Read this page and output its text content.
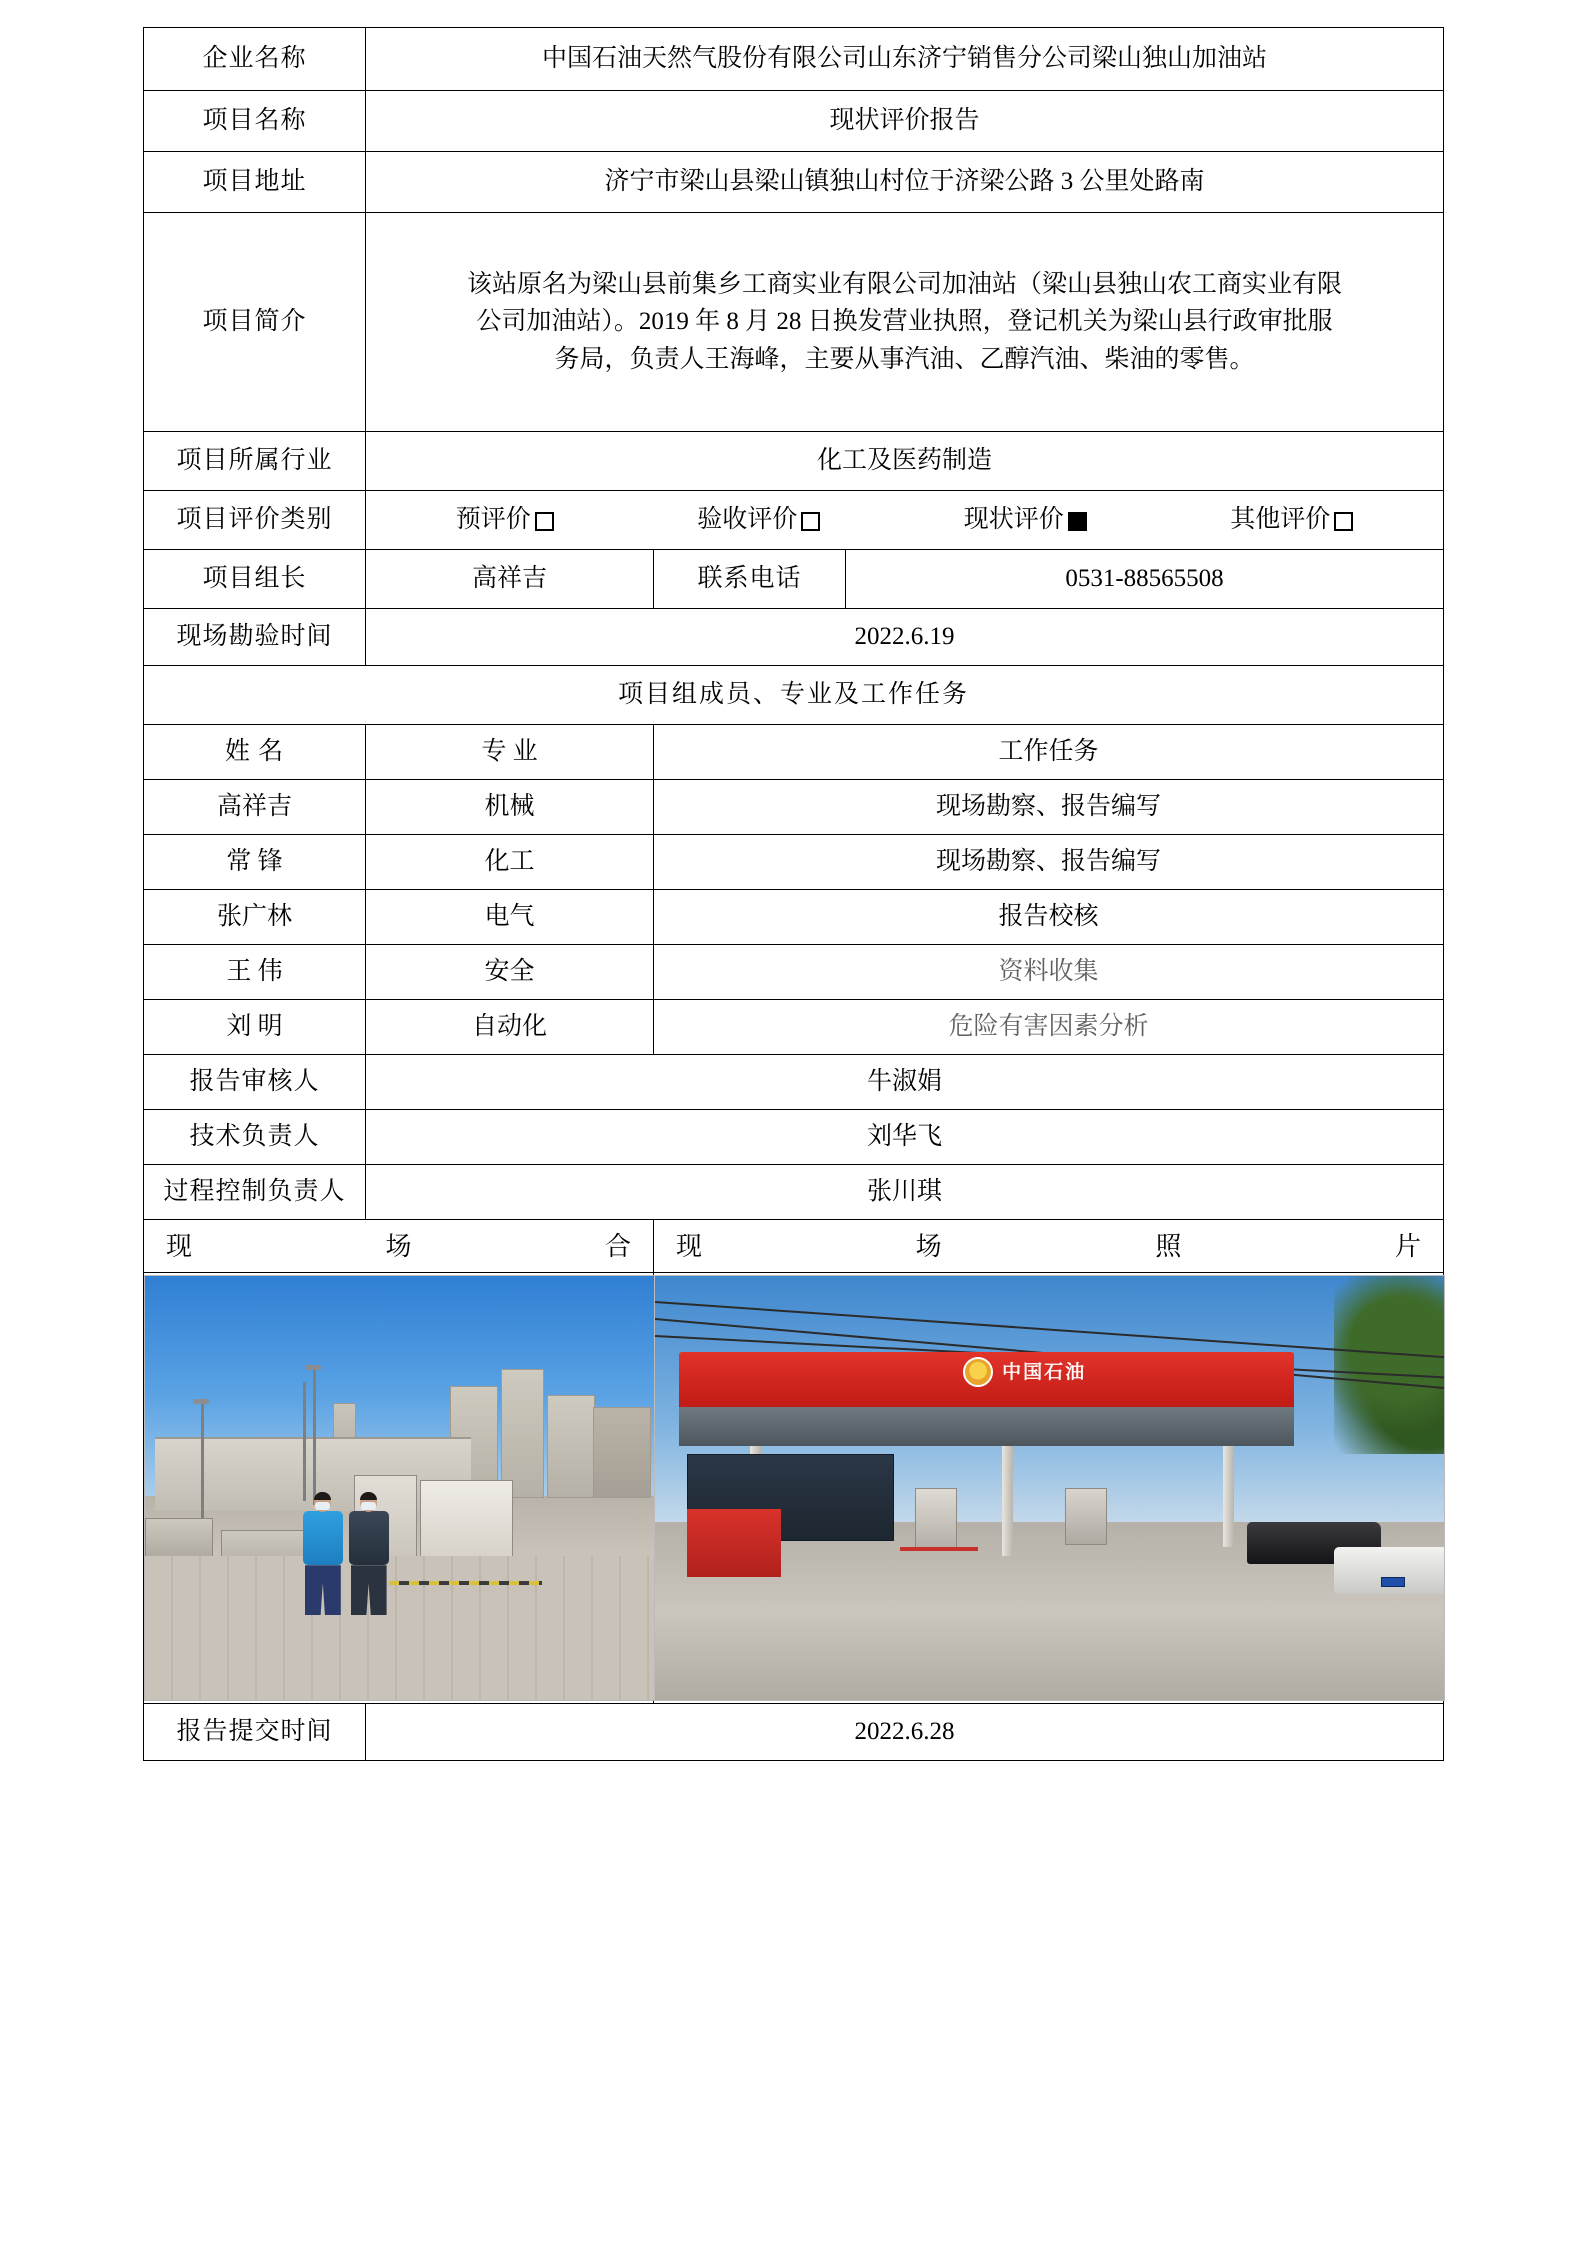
企业名称	中国石油天然气股份有限公司山东济宁销售分公司梁山独山加油站		
项目名称	现状评价报告		
项目地址	济宁市梁山县梁山镇独山村位于济梁公路 3 公里处路南		
项目简介	该站原名为梁山县前集乡工商实业有限公司加油站（梁山县独山农工商实业有限
公司加油站）。2019 年 8 月 28 日换发营业执照，登记机关为梁山县行政审批服
务局，负责人王海峰，主要从事汽油、乙醇汽油、柴油的零售。		

项目所属行业	化工及医药制造		
项目评价类别	预评价 验收评价 现状评价 其他评价		

项目组长	高祥吉	联系电话	0531-88565508
现场勘验时间	2022.6.19		
项目组成员、专业及工作任务			
姓 名	专 业	工作任务	
高祥吉	机械	现场勘察、报告编写	
常 锋	化工	现场勘察、报告编写	
张广林	电气	报告校核	
王 伟	安全	资料收集	
刘 明	自动化	危险有害因素分析	
报告审核人	牛淑娟		
技术负责人	刘华飞		
过程控制负责人	张川琪		

现 场 合		现 场 照 片	

		中国石油	

报告提交时间	2022.6.28		
